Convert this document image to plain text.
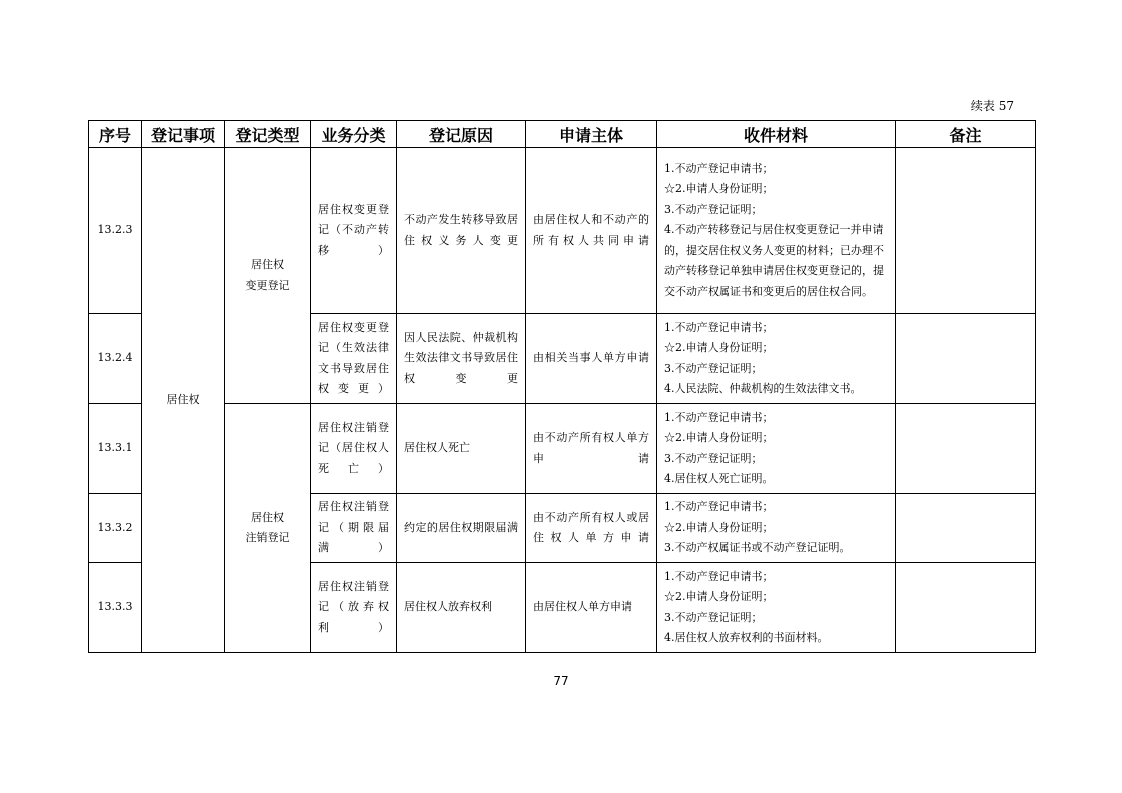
续表 57
序号	登记事项	登记类型	业务分类	登记原因	申请主体	收件材料	备注
13.2.3	居住权	居住权
变更登记	居住权变更登记（不动产转移）	不动产发生转移导致居住权义务人变更	由居住权人和不动产的所有权人共同申请	1.不动产登记申请书；
☆2.申请人身份证明；
3.不动产登记证明；
4.不动产转移登记与居住权变更登记一并申请的，提交居住权义务人变更的材料；已办理不动产转移登记单独申请居住权变更登记的，提交不动产权属证书和变更后的居住权合同。	

13.2.4			居住权变更登记（生效法律文书导致居住权变更）	因人民法院、仲裁机构生效法律文书导致居住权变更	由相关当事人单方申请	1.不动产登记申请书；
☆2.申请人身份证明；
3.不动产登记证明；
4.人民法院、仲裁机构的生效法律文书。	

13.3.1		居住权
注销登记	居住权注销登记（居住权人死亡）	居住权人死亡	由不动产所有权人单方申请	1.不动产登记申请书；
☆2.申请人身份证明；
3.不动产登记证明；
4.居住权人死亡证明。	

13.3.2			居住权注销登记（期限届满）	约定的居住权期限届满	由不动产所有权人或居住权人单方申请	1.不动产登记申请书；
☆2.申请人身份证明；
3.不动产权属证书或不动产登记证明。	

13.3.3			居住权注销登记（放弃权利）	居住权人放弃权利	由居住权人单方申请	1.不动产登记申请书；
☆2.申请人身份证明；
3.不动产登记证明；
4.居住权人放弃权利的书面材料。	

77
